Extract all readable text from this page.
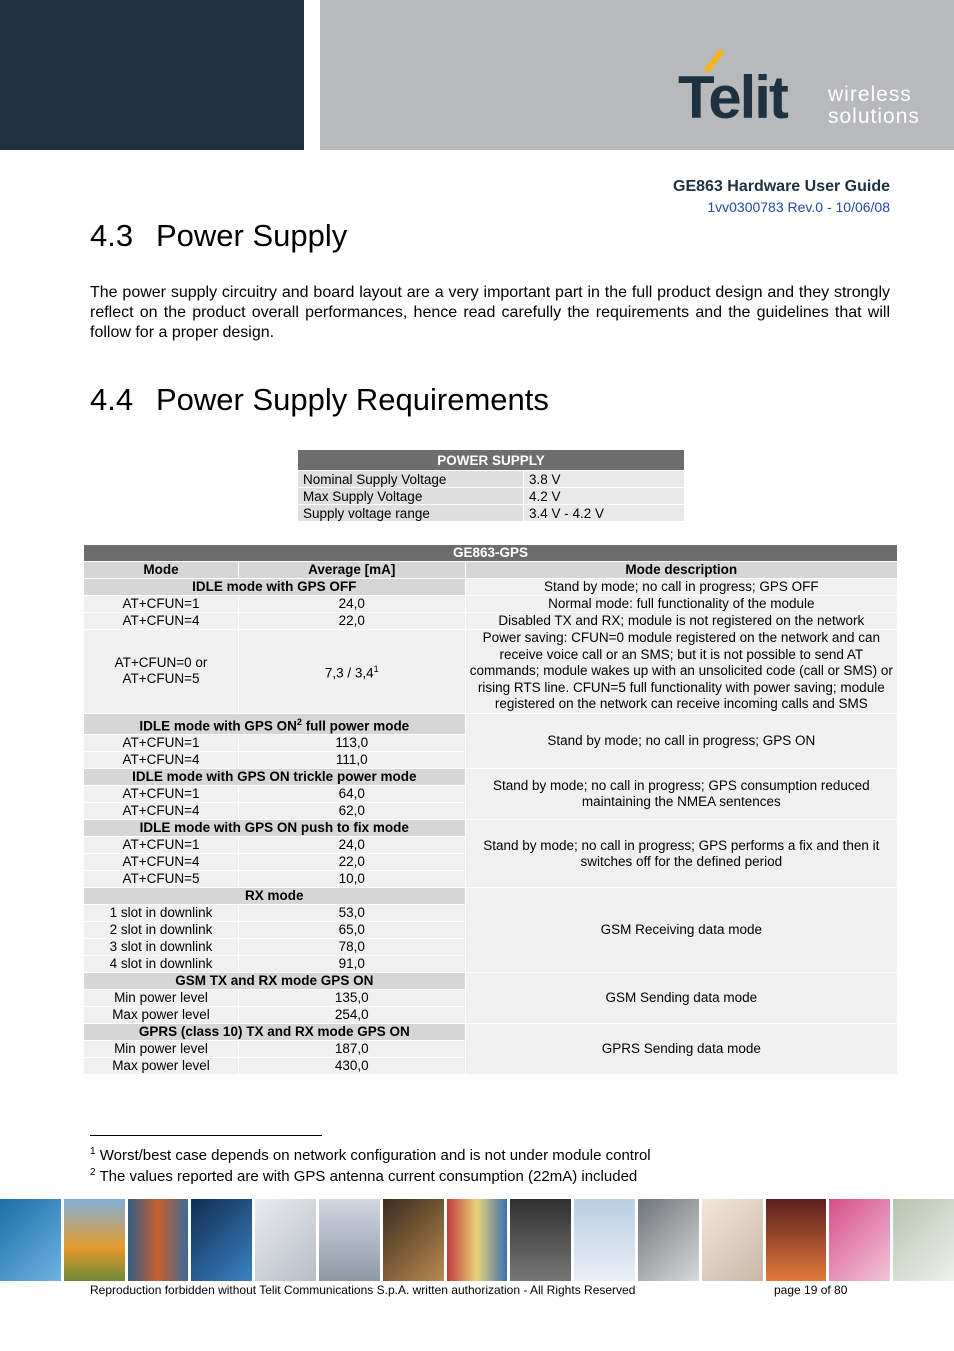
Telit wireless
solutions
GE863 Hardware User Guide
1vv0300783 Rev.0 - 10/06/08
4.3 Power Supply
The power supply circuitry and board layout are a very important part in the full product design and they strongly reflect on the product overall performances, hence read carefully the requirements and the guidelines that will follow for a proper design.
4.4 Power Supply Requirements
POWER SUPPLY	
Nominal Supply Voltage	3.8 V
Max Supply Voltage	4.2 V
Supply voltage range	3.4 V - 4.2 V
GE863-GPS		
Mode	Average [mA]	Mode description
IDLE mode with GPS OFF		Stand by mode; no call in progress; GPS OFF
AT+CFUN=1	24,0	Normal mode: full functionality of the module
AT+CFUN=4	22,0	Disabled TX and RX; module is not registered on the network
AT+CFUN=0 or AT+CFUN=5	$7,3 / 3,4^1$	Power saving: CFUN=0 module registered on the network and can receive voice call or an SMS; but it is not possible to send AT commands; module wakes up with an unsolicited code (call or SMS) or rising RTS line. CFUN=5 full functionality with power saving; module registered on the network can receive incoming calls and SMS
IDLE mode with GPS $ON^2$ full power mode		Stand by mode; no call in progress; GPS ON
AT+CFUN=1	113,0	
AT+CFUN=4	111,0	
IDLE mode with GPS ON trickle power mode		Stand by mode; no call in progress; GPS consumption reduced maintaining the NMEA sentences
AT+CFUN=1	64,0	
AT+CFUN=4	62,0	
IDLE mode with GPS ON push to fix mode		Stand by mode; no call in progress; GPS performs a fix and then it switches off for the defined period
AT+CFUN=1	24,0	
AT+CFUN=4	22,0	
AT+CFUN=5	10,0	
RX mode		GSM Receiving data mode
1 slot in downlink	53,0	
2 slot in downlink	65,0	
3 slot in downlink	78,0	
4 slot in downlink	91,0	
GSM TX and RX mode GPS ON		GSM Sending data mode
Min power level	135,0	
Max power level	254,0	
GPRS (class 10) TX and RX mode GPS ON		GPRS Sending data mode
Min power level	187,0	
Max power level	430,0	
$^1$ Worst/best case depends on network configuration and is not under module control
$^2$ The values reported are with GPS antenna current consumption (22mA) included
Reproduction forbidden without Telit Communications S.p.A. written authorization - All Rights Reserved	page 19 of 80
